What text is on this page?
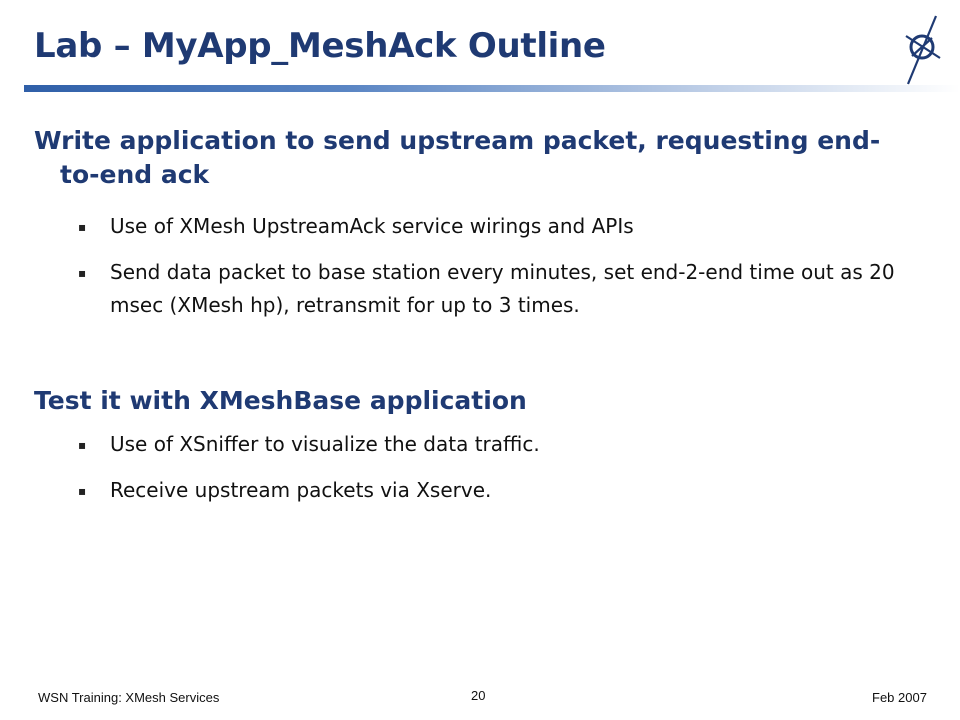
Lab – MyApp_MeshAck Outline

Write application to send upstream packet, requesting end-to-end ack

▪ Use of XMesh UpstreamAck service wirings and APIs

▪ Send data packet to base station every minutes, set end-2-end time out as 20 msec (XMesh hp), retransmit for up to 3 times.

Test it with XMeshBase application

▪ Use of XSniffer to visualize the data traffic.

▪ Receive upstream packets via Xserve.

WSN Training: XMesh Services	20	Feb 2007
